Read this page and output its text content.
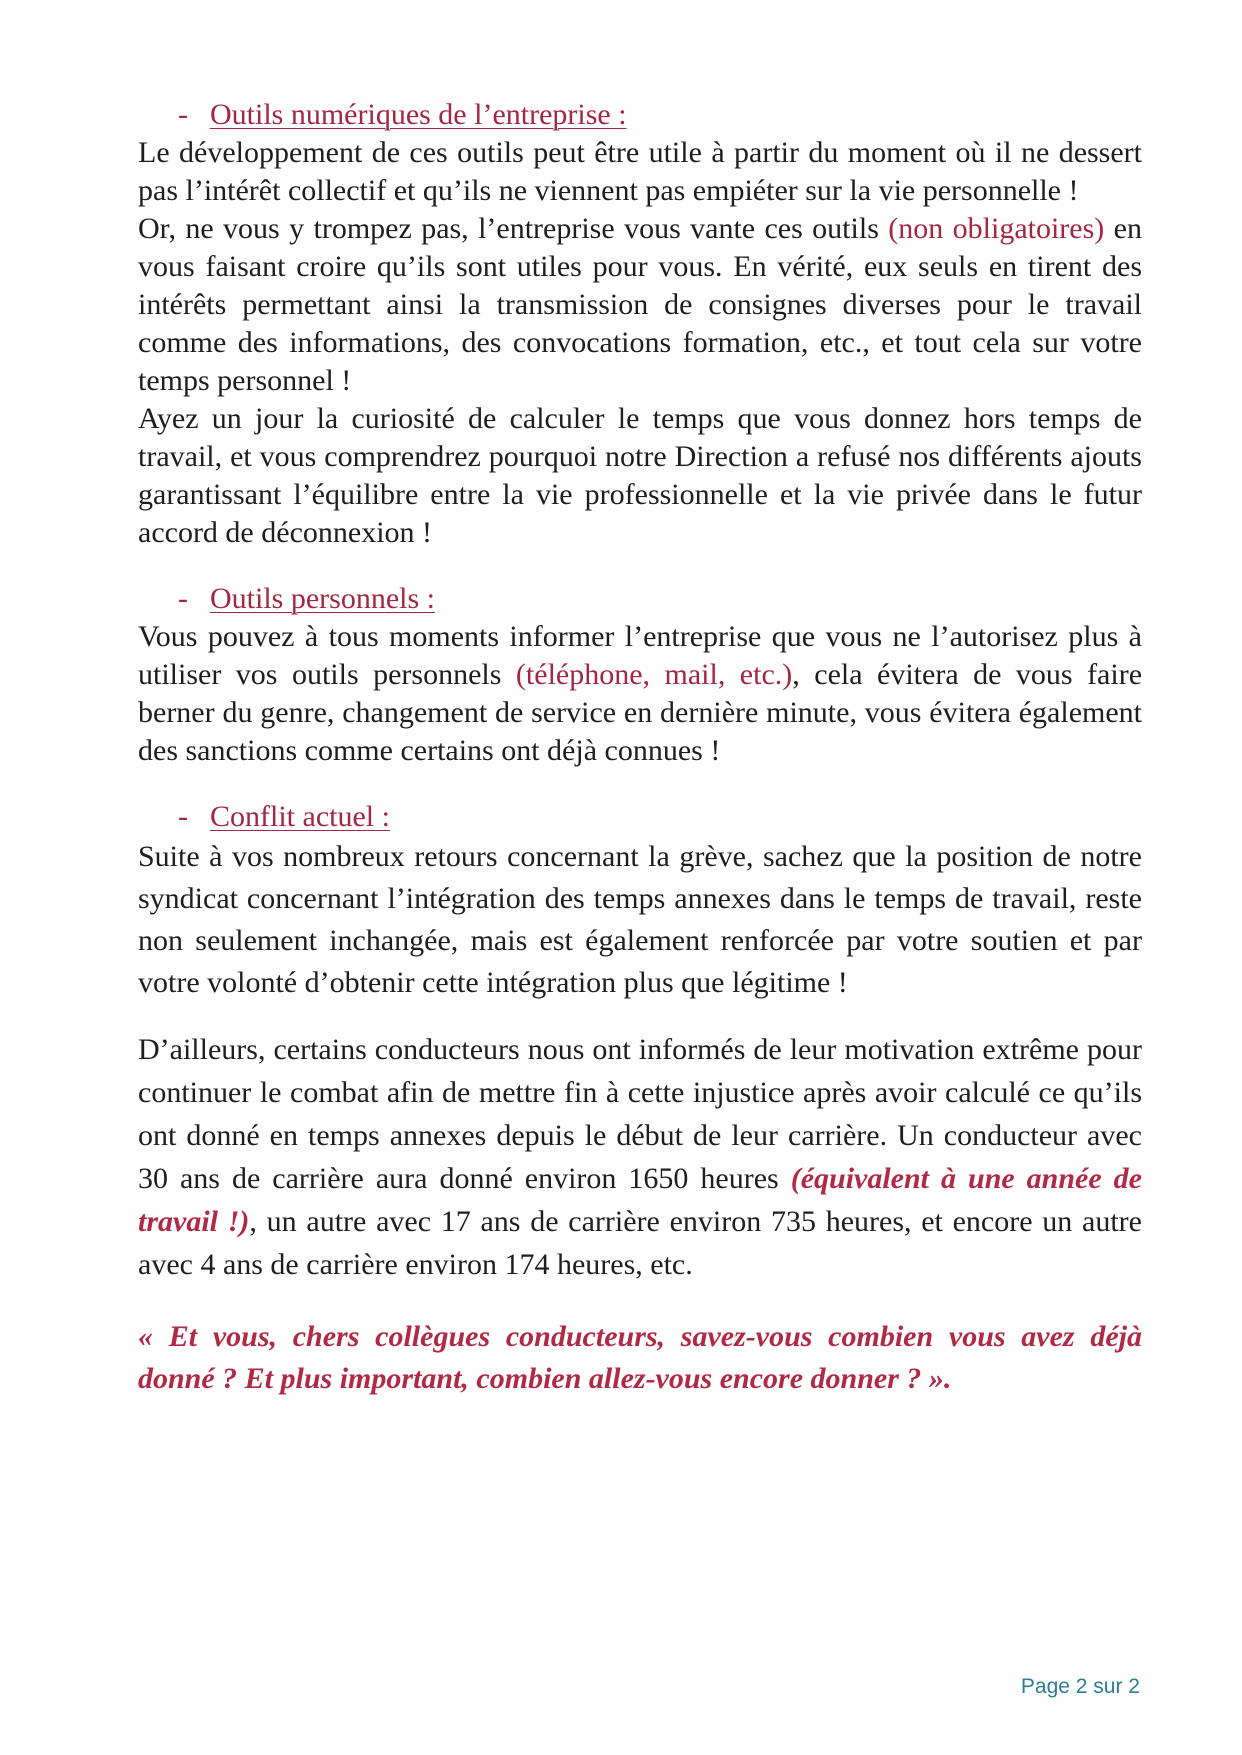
- Outils numériques de l’entreprise :

Le développement de ces outils peut être utile à partir du moment où il ne dessert pas l’intérêt collectif et qu’ils ne viennent pas empiéter sur la vie personnelle !

Or, ne vous y trompez pas, l’entreprise vous vante ces outils (non obligatoires) en vous faisant croire qu’ils sont utiles pour vous. En vérité, eux seuls en tirent des intérêts permettant ainsi la transmission de consignes diverses pour le travail comme des informations, des convocations formation, etc., et tout cela sur votre temps personnel !

Ayez un jour la curiosité de calculer le temps que vous donnez hors temps de travail, et vous comprendrez pourquoi notre Direction a refusé nos différents ajouts garantissant l’équilibre entre la vie professionnelle et la vie privée dans le futur accord de déconnexion !

- Outils personnels :

Vous pouvez à tous moments informer l’entreprise que vous ne l’autorisez plus à utiliser vos outils personnels (téléphone, mail, etc.), cela évitera de vous faire berner du genre, changement de service en dernière minute, vous évitera également des sanctions comme certains ont déjà connues !

- Conflit actuel :

Suite à vos nombreux retours concernant la grève, sachez que la position de notre syndicat concernant l’intégration des temps annexes dans le temps de travail, reste non seulement inchangée, mais est également renforcée par votre soutien et par votre volonté d’obtenir cette intégration plus que légitime !

D’ailleurs, certains conducteurs nous ont informés de leur motivation extrême pour continuer le combat afin de mettre fin à cette injustice après avoir calculé ce qu’ils ont donné en temps annexes depuis le début de leur carrière. Un conducteur avec 30 ans de carrière aura donné environ 1650 heures (équivalent à une année de travail !), un autre avec 17 ans de carrière environ 735 heures, et encore un autre avec 4 ans de carrière environ 174 heures, etc.

« Et vous, chers collègues conducteurs, savez-vous combien vous avez déjà donné ? Et plus important, combien allez-vous encore donner ? ».

Page 2 sur 2
